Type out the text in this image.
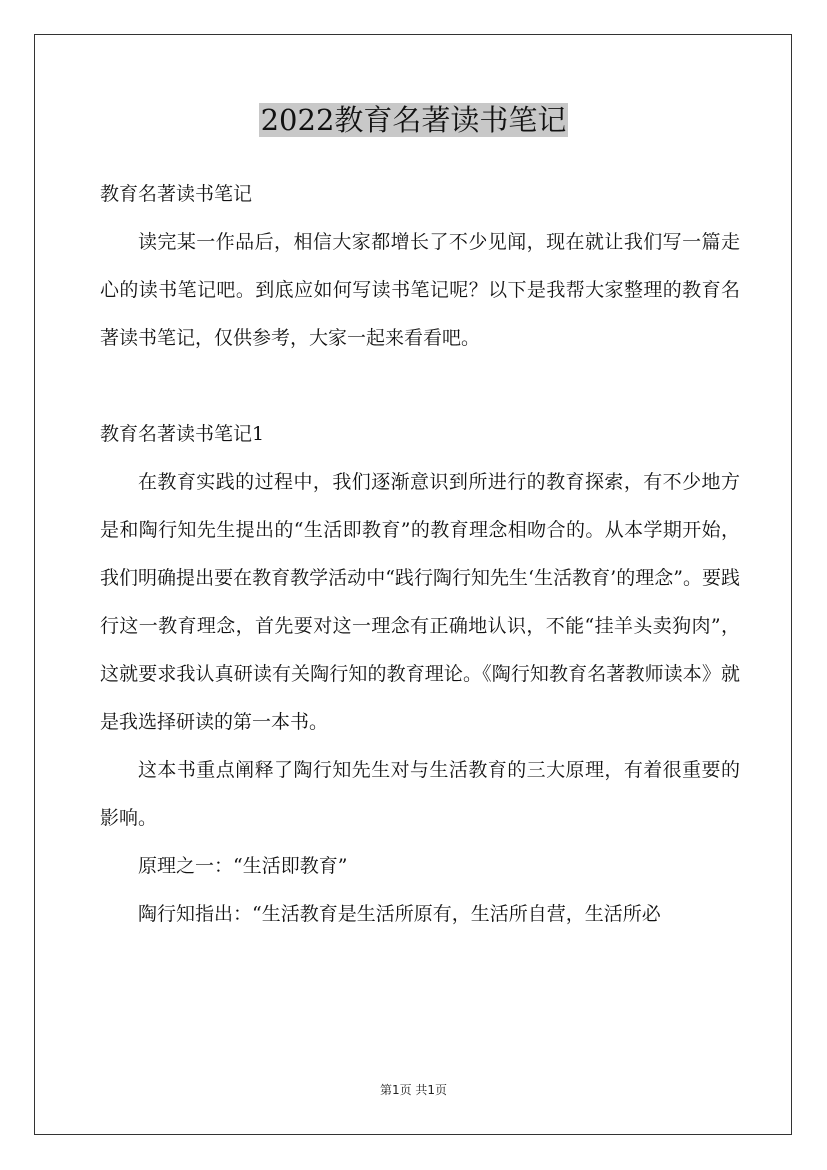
2022教育名著读书笔记

教育名著读书笔记

读完某一作品后，相信大家都增长了不少见闻，现在就让我们写一篇走心的读书笔记吧。到底应如何写读书笔记呢？以下是我帮大家整理的教育名著读书笔记，仅供参考，大家一起来看看吧。

教育名著读书笔记1

在教育实践的过程中，我们逐渐意识到所进行的教育探索，有不少地方是和陶行知先生提出的“生活即教育”的教育理念相吻合的。从本学期开始，我们明确提出要在教育教学活动中“践行陶行知先生‘生活教育’的理念”。要践行这一教育理念，首先要对这一理念有正确地认识，不能“挂羊头卖狗肉”，这就要求我认真研读有关陶行知的教育理论。《陶行知教育名著教师读本》就是我选择研读的第一本书。

这本书重点阐释了陶行知先生对与生活教育的三大原理，有着很重要的影响。

原理之一：“生活即教育”

陶行知指出：“生活教育是生活所原有，生活所自营，生活所必

第1页 共1页
